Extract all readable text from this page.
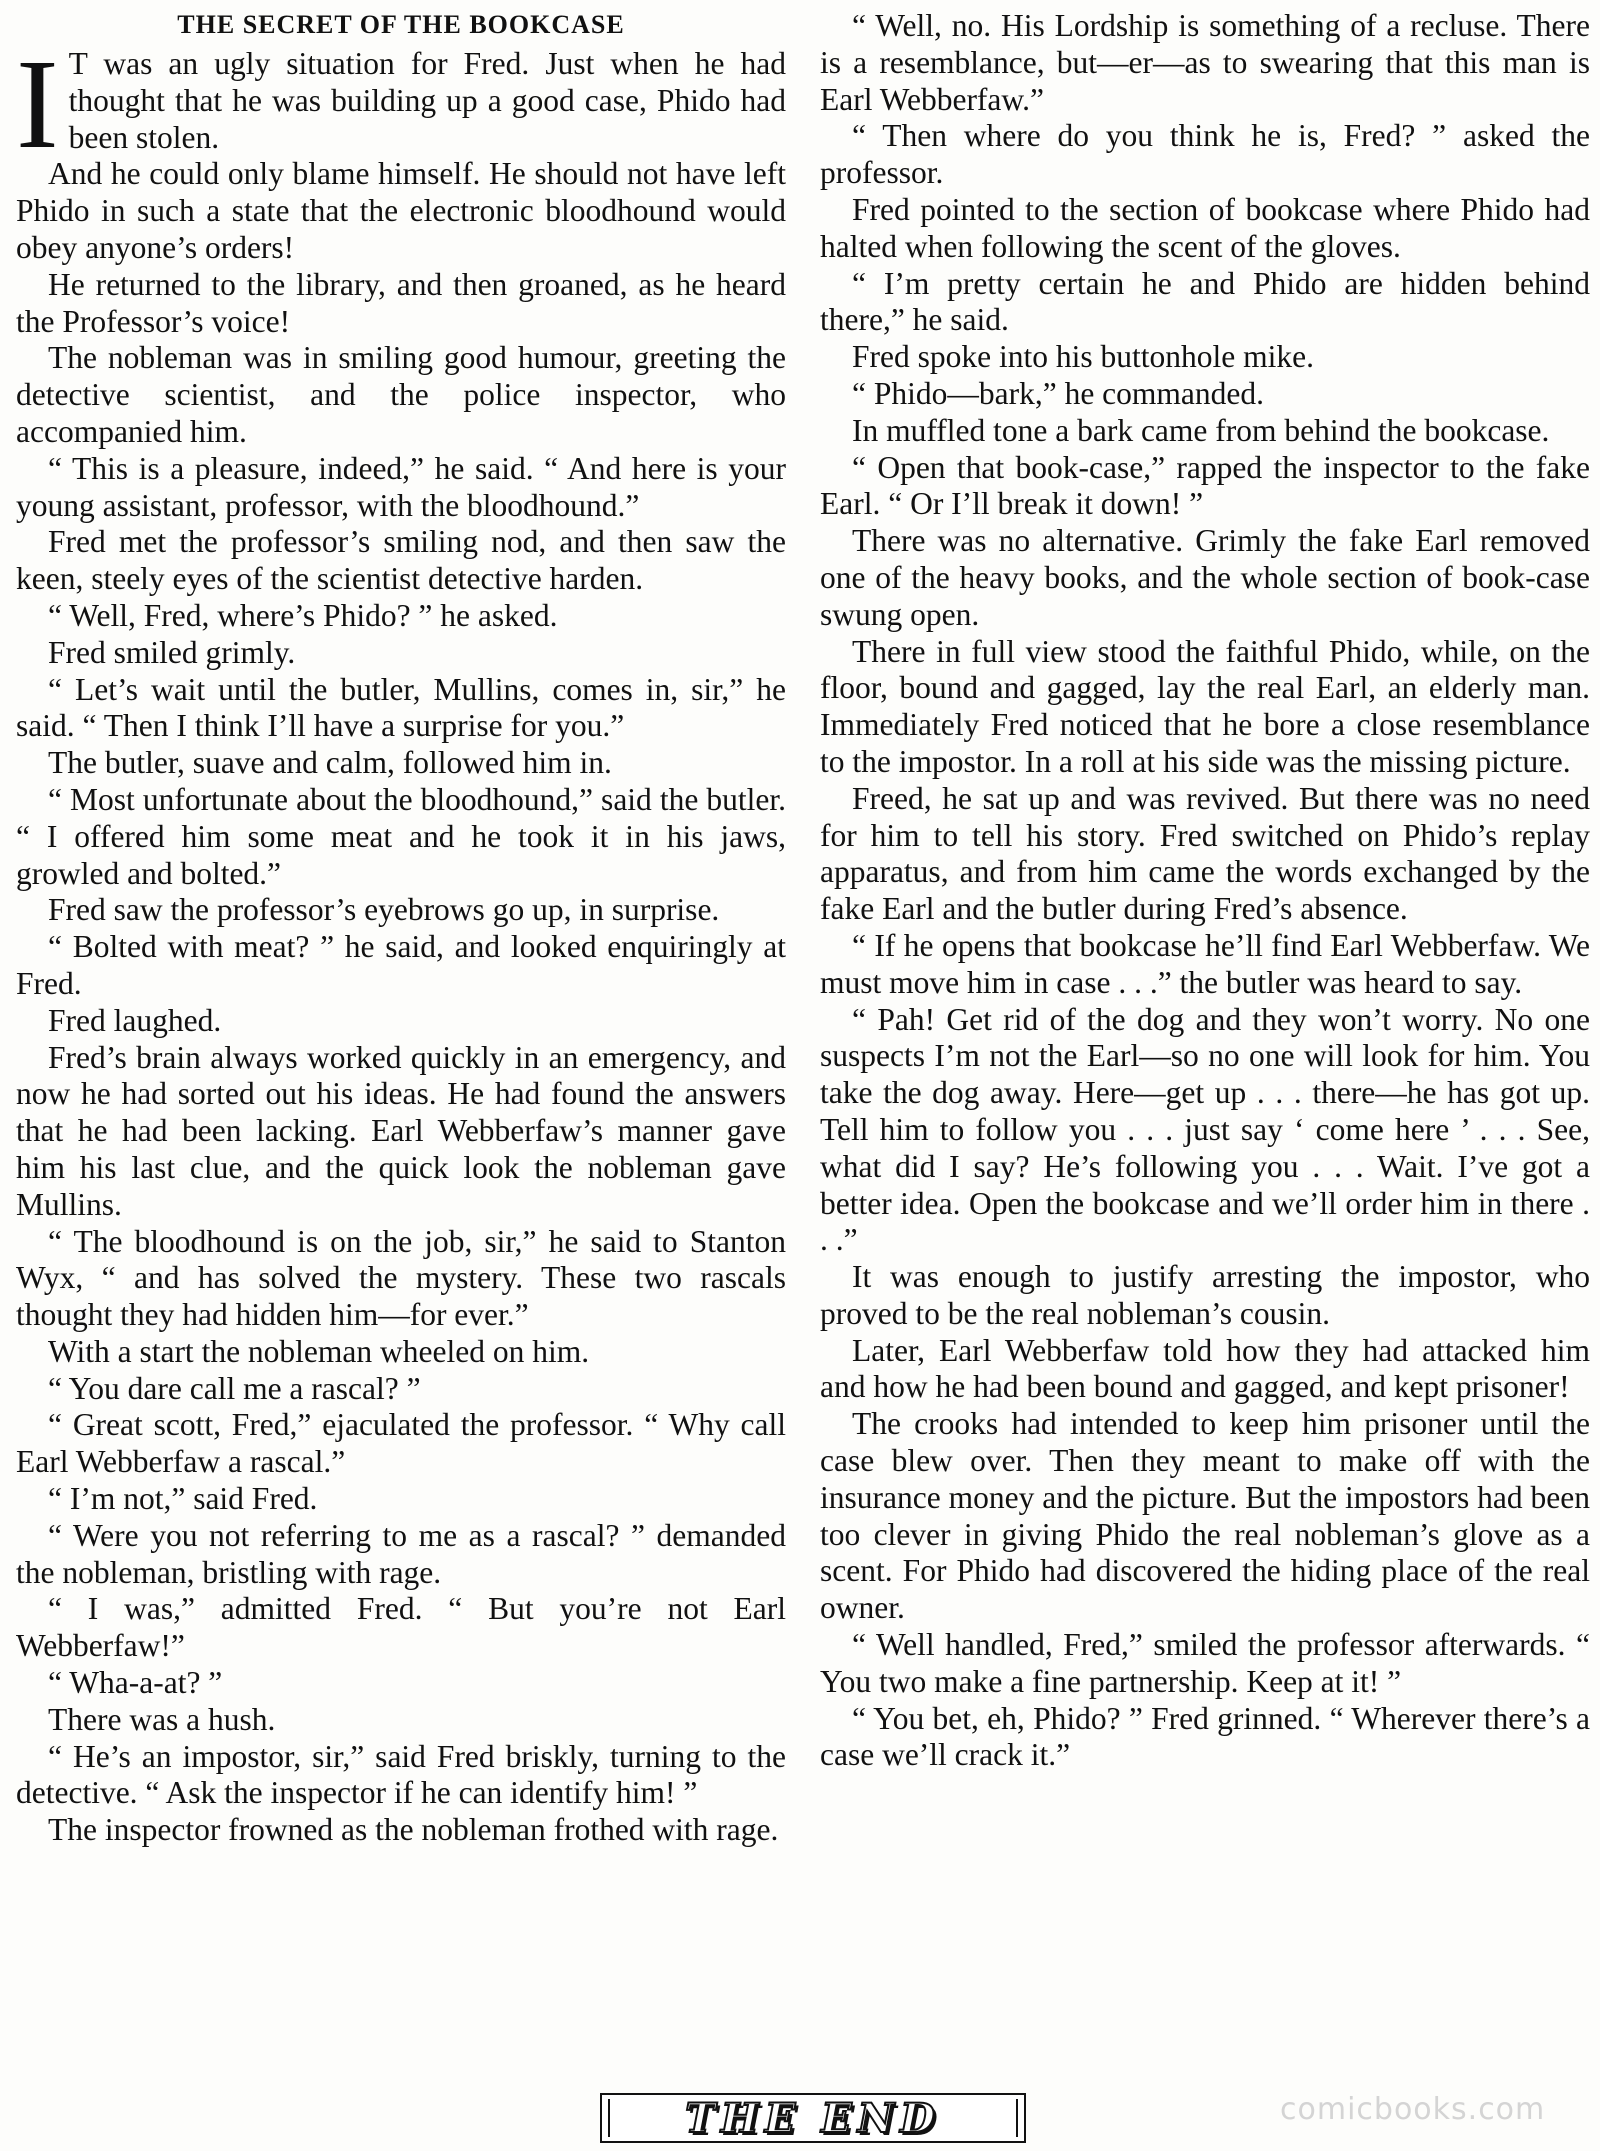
THE SECRET OF THE BOOKCASE

I T was an ugly situation for Fred. Just when he had thought that he was building up a good case, Phido had been stolen.

And he could only blame himself. He should not have left Phido in such a state that the electronic bloodhound would obey anyone’s orders!

He returned to the library, and then groaned, as he heard the Professor’s voice!

The nobleman was in smiling good humour, greeting the detective scientist, and the police inspector, who accompanied him.

“ This is a pleasure, indeed,” he said. “ And here is your young assistant, professor, with the bloodhound.”

Fred met the professor’s smiling nod, and then saw the keen, steely eyes of the scientist detective harden.

“ Well, Fred, where’s Phido? ” he asked.

Fred smiled grimly.

“ Let’s wait until the butler, Mullins, comes in, sir,” he said. “ Then I think I’ll have a surprise for you.”

The butler, suave and calm, followed him in.

“ Most unfortunate about the bloodhound,” said the butler. “ I offered him some meat and he took it in his jaws, growled and bolted.”

Fred saw the professor’s eyebrows go up, in surprise.

“ Bolted with meat? ” he said, and looked enquiringly at Fred.

Fred laughed.

Fred’s brain always worked quickly in an emergency, and now he had sorted out his ideas. He had found the answers that he had been lacking. Earl Webberfaw’s manner gave him his last clue, and the quick look the nobleman gave Mullins.

“ The bloodhound is on the job, sir,” he said to Stanton Wyx, “ and has solved the mystery. These two rascals thought they had hidden him—for ever.”

With a start the nobleman wheeled on him.

“ You dare call me a rascal? ”

“ Great scott, Fred,” ejaculated the professor. “ Why call Earl Webberfaw a rascal.”

“ I’m not,” said Fred.

“ Were you not referring to me as a rascal? ” demanded the nobleman, bristling with rage.

“ I was,” admitted Fred. “ But you’re not Earl Webberfaw!”

“ Wha-a-at? ”

There was a hush.

“ He’s an impostor, sir,” said Fred briskly, turning to the detective. “ Ask the inspector if he can identify him! ”

The inspector frowned as the nobleman frothed with rage.

“ Well, no. His Lordship is something of a recluse. There is a resemblance, but—er—as to swearing that this man is Earl Webberfaw.”

“ Then where do you think he is, Fred? ” asked the professor.

Fred pointed to the section of bookcase where Phido had halted when following the scent of the gloves.

“ I’m pretty certain he and Phido are hidden behind there,” he said.

Fred spoke into his buttonhole mike.

“ Phido—bark,” he commanded.

In muffled tone a bark came from behind the bookcase.

“ Open that book-case,” rapped the inspector to the fake Earl. “ Or I’ll break it down! ”

There was no alternative. Grimly the fake Earl removed one of the heavy books, and the whole section of book-case swung open.

There in full view stood the faithful Phido, while, on the floor, bound and gagged, lay the real Earl, an elderly man. Immediately Fred noticed that he bore a close resemblance to the impostor. In a roll at his side was the missing picture.

Freed, he sat up and was revived. But there was no need for him to tell his story. Fred switched on Phido’s replay apparatus, and from him came the words exchanged by the fake Earl and the butler during Fred’s absence.

“ If he opens that bookcase he’ll find Earl Webberfaw. We must move him in case . . .” the butler was heard to say.

“ Pah! Get rid of the dog and they won’t worry. No one suspects I’m not the Earl—so no one will look for him. You take the dog away. Here—get up . . . there—he has got up. Tell him to follow you . . . just say ‘ come here ’ . . . See, what did I say? He’s following you . . . Wait. I’ve got a better idea. Open the bookcase and we’ll order him in there . . .”

It was enough to justify arresting the impostor, who proved to be the real nobleman’s cousin.

Later, Earl Webberfaw told how they had attacked him and how he had been bound and gagged, and kept prisoner!

The crooks had intended to keep him prisoner until the case blew over. Then they meant to make off with the insurance money and the picture. But the impostors had been too clever in giving Phido the real nobleman’s glove as a scent. For Phido had discovered the hiding place of the real owner.

“ Well handled, Fred,” smiled the professor afterwards. “ You two make a fine partnership. Keep at it! ”

“ You bet, eh, Phido? ” Fred grinned. “ Wherever there’s a case we’ll crack it.”

THE END	comicbooks.com
